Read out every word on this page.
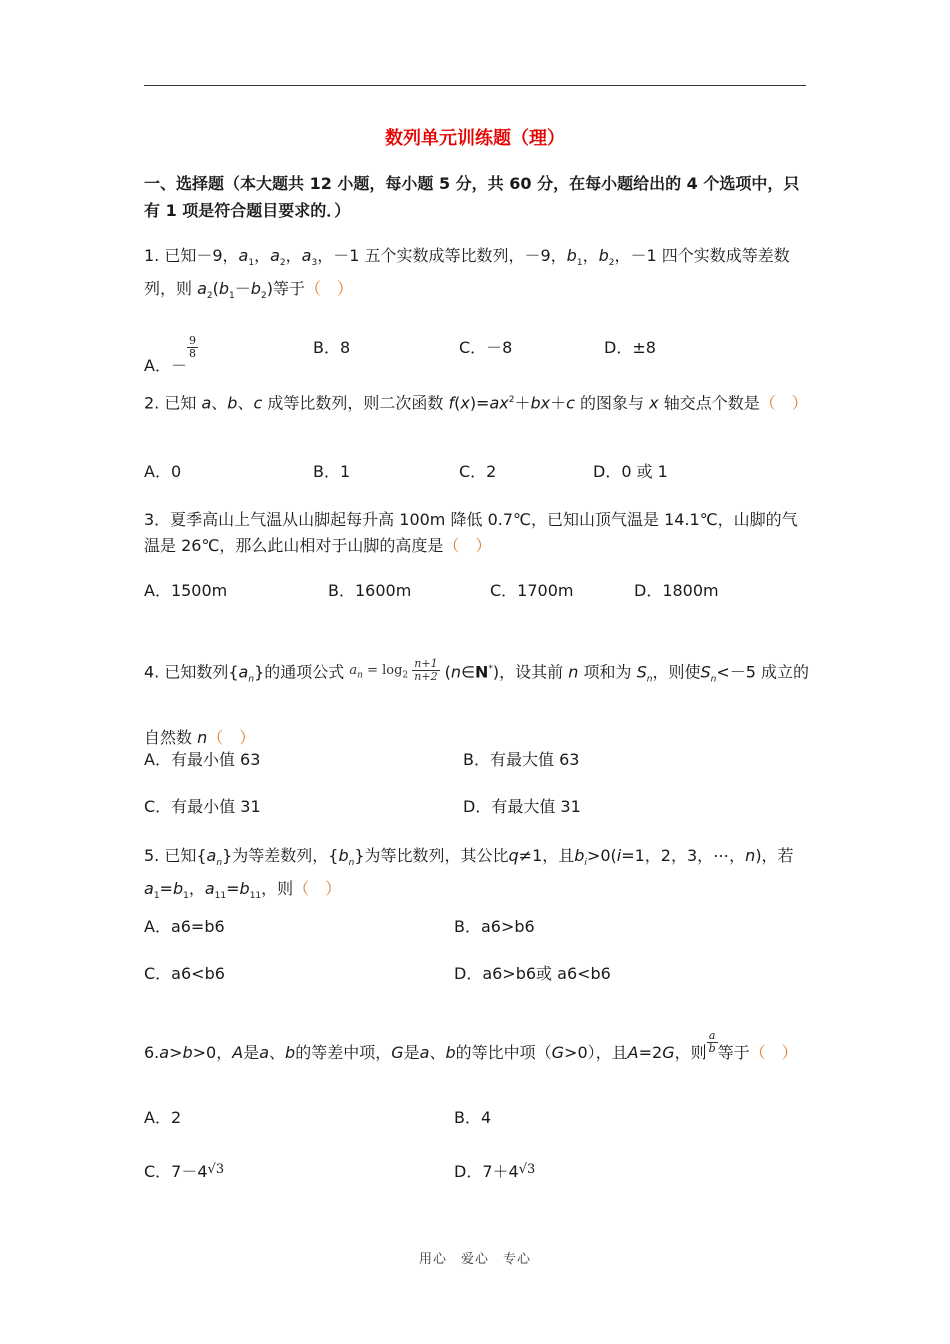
数列单元训练题（理）
一、选择题（本大题共 12 小题，每小题 5 分，共 60 分，在每小题给出的 4 个选项中，只有 1 项是符合题目要求的．）
1. 已知－9，$a_1$，$a_2$，$a_3$，－1 五个实数成等比数列，－9，$b_1$，$b_2$，－1 四个实数成等差数列，则 $a_2(b_1-b_2)$等于（　）
A．－
$\frac{9}{8}$	B．8	C．－8	D．±8
2. 已知 a、b、c 成等比数列，则二次函数 $f(x)=ax^2+bx+c$ 的图象与 x 轴交点个数是（　）
A．0	B．1	C．2	D．0 或 1
3．夏季高山上气温从山脚起每升高 100m 降低 0.7℃，已知山顶气温是 14.1℃，山脚的气温是 26℃，那么此山相对于山脚的高度是（　）
A．1500m	B．1600m	C．1700m	D．1800m
4. 已知数列$\{a_n\}$的通项公式 $a_n = \log_2 \frac{n+1}{n+2}$ (n∈N*)，设其前 n 项和为 $S_n$，则使$S_n<-5$ 成立的自然数 n（　）
A．有最小值 63	B．有最大值 63
C．有最小值 31	D．有最大值 31
5. 已知$\{a_n\}$为等差数列，$\{b_n\}$为等比数列，其公比q≠1，且$b_i>0(i=1$，2，3，⋯，n)，若$a_1=b_1$，$a_{11}=b_{11}$，则（　）
A．a6=b6	B．a6>b6
C．a6<b6	D．a6>b6或 a6<b6
6.a>b>0，A是a、b的等差中项，G是a、b的等比中项（G>0），且A=2G，则 $\frac{a}{b}$ 等于（　）
A．2	B．4
C．$7-4^{√3}$	D．$7+4^{√3}$
用心　爱心　专心
